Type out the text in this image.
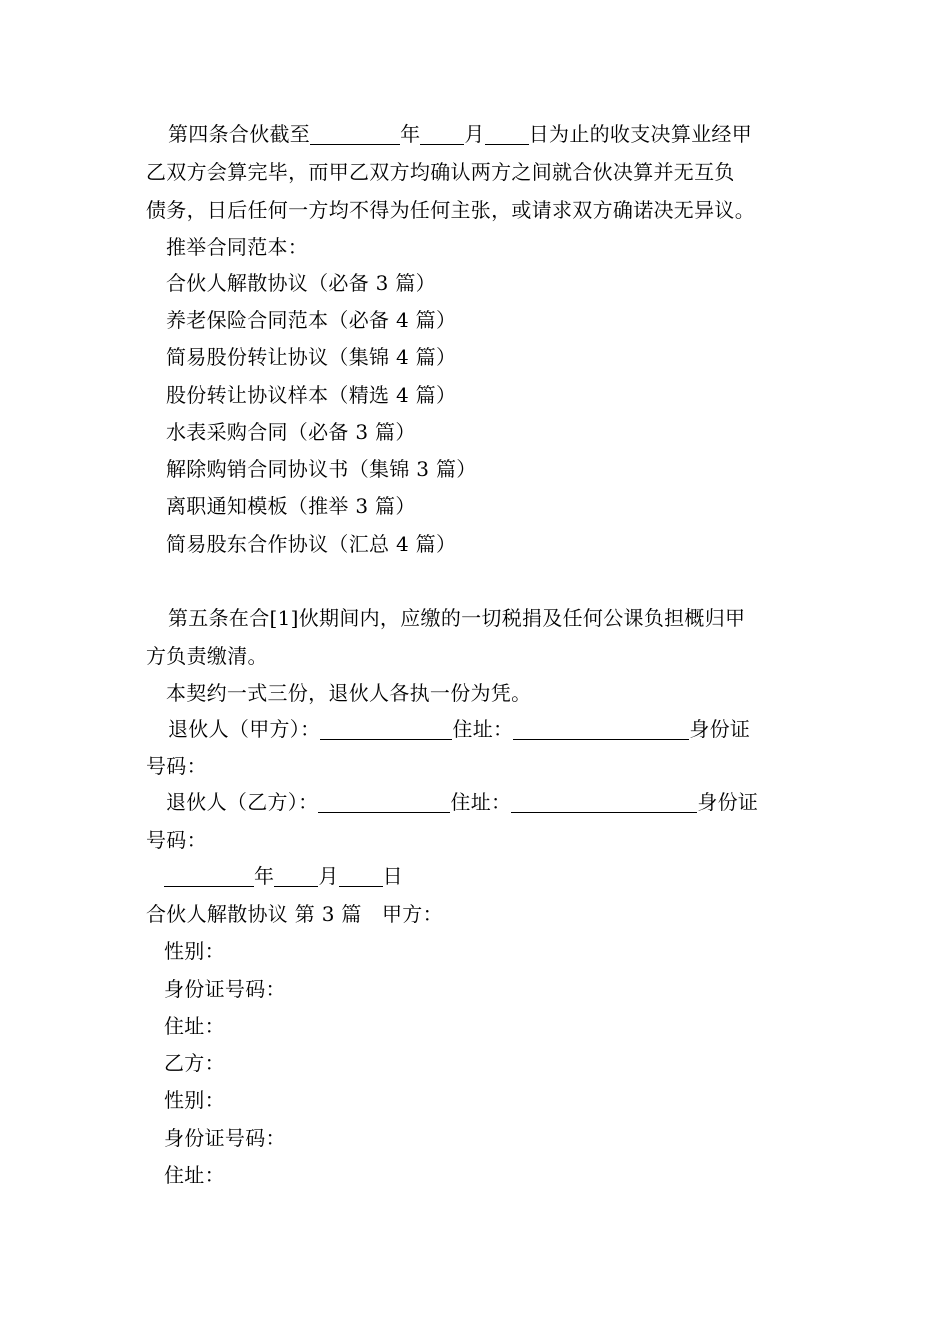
第四条合伙截至	年 月 日为止的收支决算业经甲
乙双方会算完毕，而甲乙双方均确认两方之间就合伙决算并无互负
债务，日后任何一方均不得为任何主张，或请求双方确诺决无异议。
推举合同范本：
合伙人解散协议（必备 3 篇）
养老保险合同范本（必备 4 篇）
简易股份转让协议（集锦 4 篇）
股份转让协议样本（精选 4 篇）
水表采购合同（必备 3 篇）
解除购销合同协议书（集锦 3 篇）
离职通知模板（推举 3 篇）
简易股东合作协议（汇总 4 篇）
第五条在合[1]伙期间内，应缴的一切税捐及任何公课负担概归甲
方负责缴清。
本契约一式三份，退伙人各执一份为凭。
退伙人（甲方）：	住址：	身份证
号码：
退伙人（乙方）：	住址：	身份证
号码：
年 月 日
合伙人解散协议 第 3 篇　甲方：
性别：
身份证号码：
住址：
乙方：
性别：
身份证号码：
住址：
